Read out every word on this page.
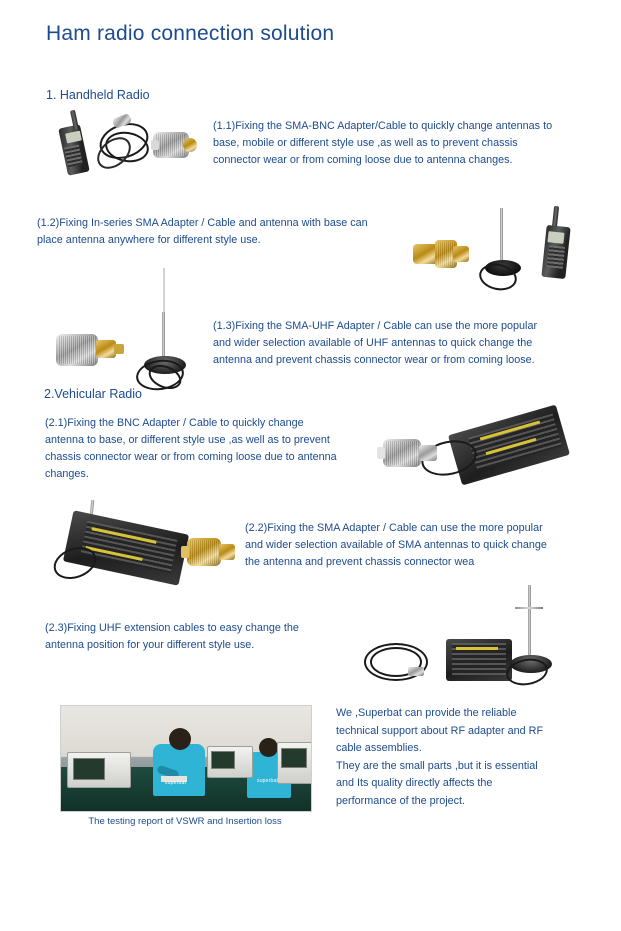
Ham radio connection solution
1. Handheld Radio
(1.1)Fixing the SMA-BNC Adapter/Cable to quickly change antennas to base, mobile or different style use ,as well as to prevent chassis connector wear or from coming loose due to antenna changes.
(1.2)Fixing In-series SMA Adapter / Cable and antenna with base can place antenna anywhere for different style use.
(1.3)Fixing the SMA-UHF Adapter / Cable can use the more popular and wider selection available of UHF antennas to quick change the antenna and prevent chassis connector wear or from coming loose.
2.Vehicular Radio
(2.1)Fixing the BNC Adapter / Cable to quickly change antenna to base, or different style use ,as well as to prevent chassis connector wear or from coming loose due to antenna changes.
(2.2)Fixing the SMA Adapter / Cable can use the more popular and wider selection available of SMA antennas to quick change the antenna and prevent chassis connector wea
(2.3)Fixing UHF extension cables to easy change the antenna position for your different style use.
superbat	superbat
The testing report of VSWR and Insertion loss
We ,Superbat can provide the reliable
technical support about RF adapter and RF
cable assemblies.
They are the small parts ,but it is essential
and Its quality directly affects the
performance of the project.
